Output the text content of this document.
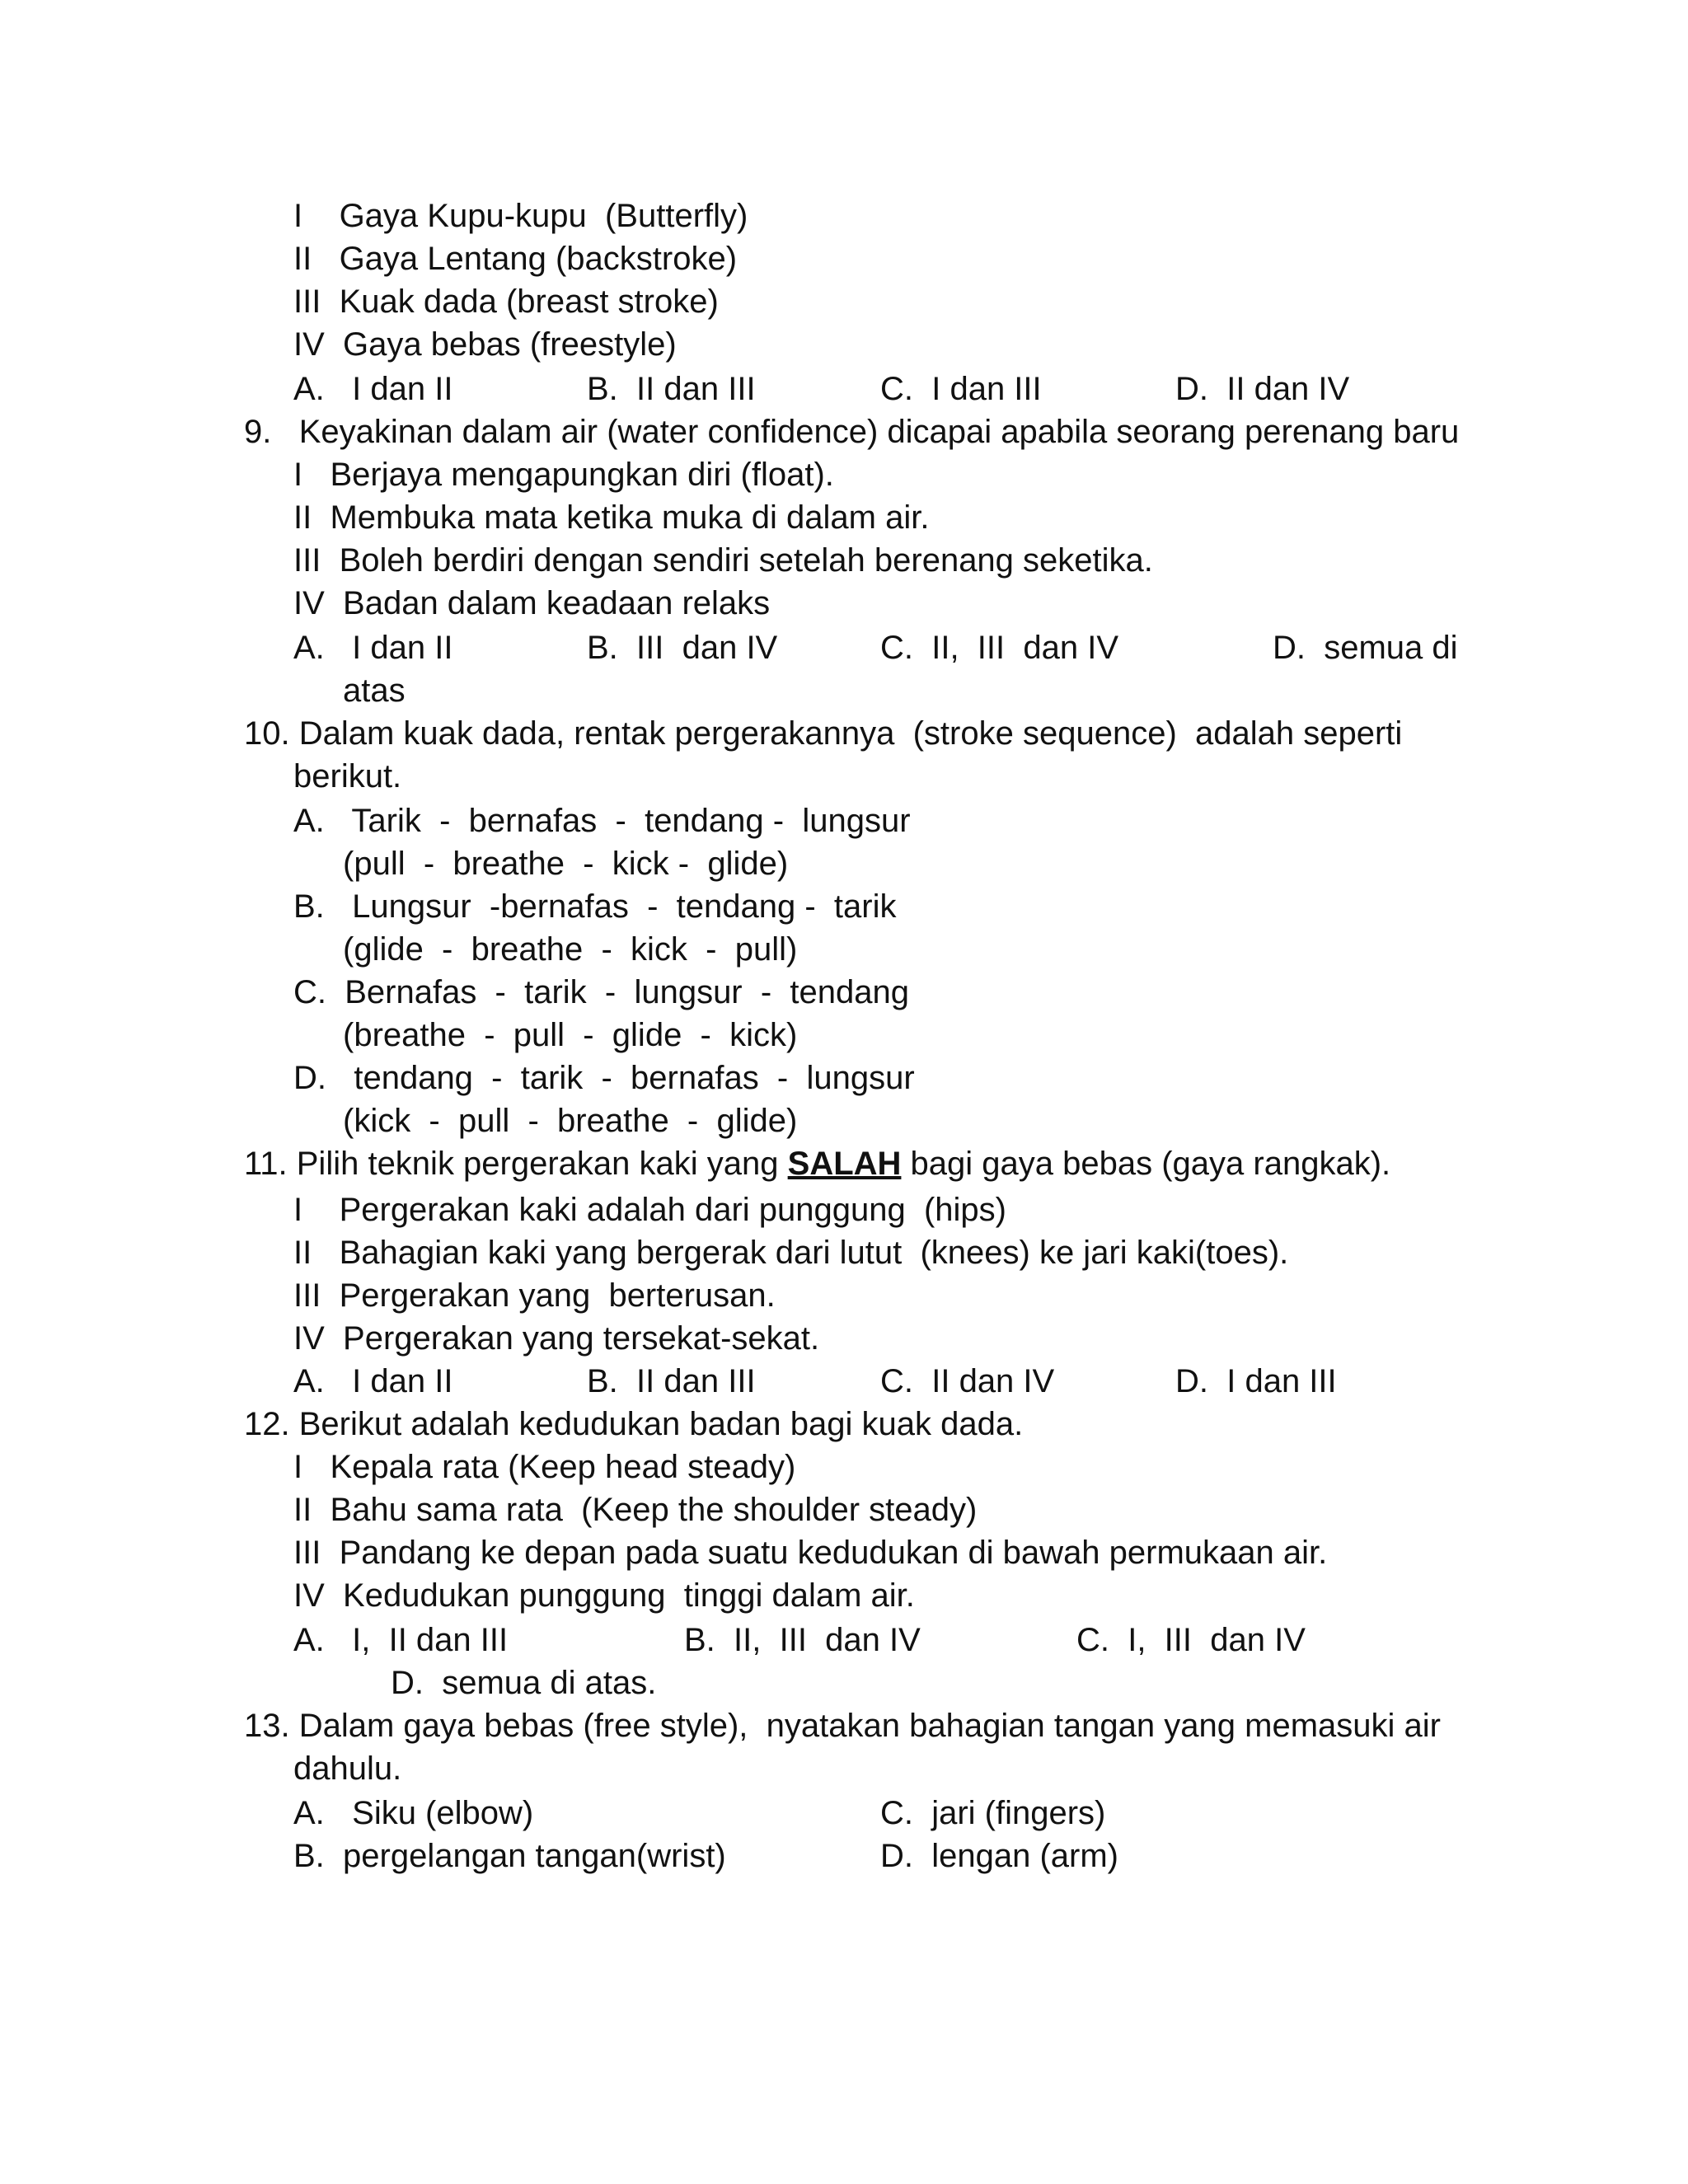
I    Gaya Kupu-kupu  (Butterfly)
II   Gaya Lentang (backstroke)
III  Kuak dada (breast stroke)
IV  Gaya bebas (freestyle)
A.   I dan II	B.  II dan III	C.  I dan III	D.  II dan IV
9.   Keyakinan dalam air (water confidence) dicapai apabila seorang perenang baru
I   Berjaya mengapungkan diri (float).
II  Membuka mata ketika muka di dalam air.
III  Boleh berdiri dengan sendiri setelah berenang seketika.
IV  Badan dalam keadaan relaks
A.   I dan II	B.  III  dan IV	C.  II,  III  dan IV	D.  semua di
atas
10. Dalam kuak dada, rentak pergerakannya  (stroke sequence)  adalah seperti
berikut.
A.   Tarik  -  bernafas  -  tendang -  lungsur
(pull  -  breathe  -  kick -  glide)
B.   Lungsur  -bernafas  -  tendang -  tarik
(glide  -  breathe  -  kick  -  pull)
C.  Bernafas  -  tarik  -  lungsur  -  tendang
(breathe  -  pull  -  glide  -  kick)
D.   tendang  -  tarik  -  bernafas  -  lungsur
(kick  -  pull  -  breathe  -  glide)
11. Pilih teknik pergerakan kaki yang SALAH bagi gaya bebas (gaya rangkak).
I    Pergerakan kaki adalah dari punggung  (hips)
II   Bahagian kaki yang bergerak dari lutut  (knees) ke jari kaki(toes).
III  Pergerakan yang  berterusan.
IV  Pergerakan yang tersekat-sekat.
A.   I dan II	B.  II dan III	C.  II dan IV	D.  I dan III
12. Berikut adalah kedudukan badan bagi kuak dada.
I   Kepala rata (Keep head steady)
II  Bahu sama rata  (Keep the shoulder steady)
III  Pandang ke depan pada suatu kedudukan di bawah permukaan air.
IV  Kedudukan punggung  tinggi dalam air.
A.   I,  II dan III	B.  II,  III  dan IV	C.  I,  III  dan IV
D.  semua di atas.
13. Dalam gaya bebas (free style),  nyatakan bahagian tangan yang memasuki air
dahulu.
A.   Siku (elbow)	C.  jari (fingers)
B.  pergelangan tangan(wrist)	D.  lengan (arm)
